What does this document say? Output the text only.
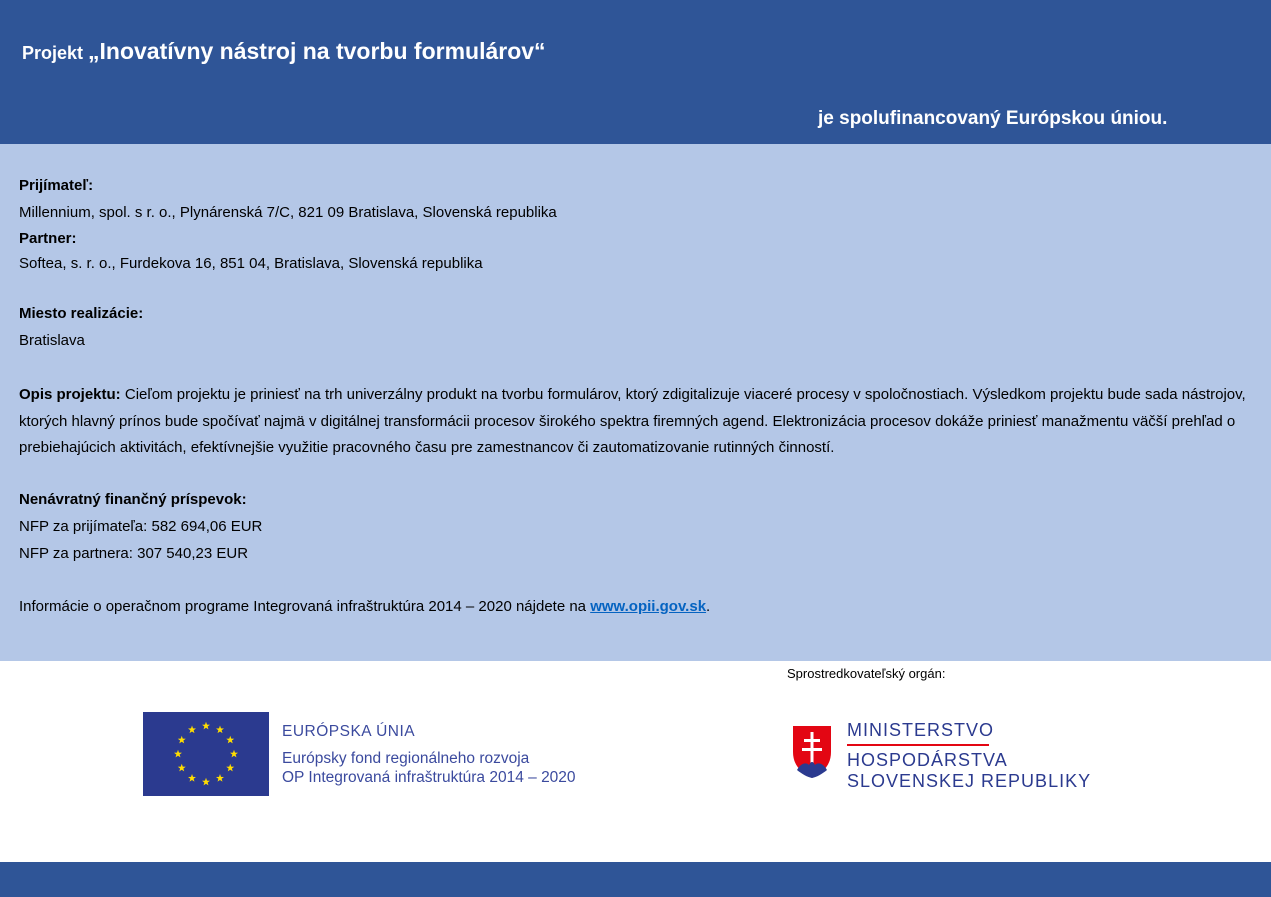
Projekt „Inovatívny nástroj na tvorbu formulárov“
je spolufinancovaný Európskou úniou.
Prijímateľ:
Millennium, spol. s r. o., Plynárenská 7/C, 821 09 Bratislava, Slovenská republika
Partner:
Softea, s. r. o., Furdekova 16, 851 04, Bratislava, Slovenská republika
Miesto realizácie:
Bratislava
Opis projektu: Cieľom projektu je priniesť na trh univerzálny produkt na tvorbu formulárov, ktorý zdigitalizuje viaceré procesy v spoločnostiach. Výsledkom projektu bude sada nástrojov, ktorých hlavný prínos bude spočívať najmä v digitálnej transformácii procesov širokého spektra firemných agend. Elektronizácia procesov dokáže priniesť manažmentu väčší prehľad o prebiehajúcich aktivitách, efektívnejšie využitie pracovného času pre zamestnancov či zautomatizovanie rutinných činností.
Nenávratný finančný príspevok:
NFP za prijímateľa: 582 694,06 EUR
NFP za partnera: 307 540,23 EUR
Informácie o operačnom programe Integrovaná infraštruktúra 2014 – 2020 nájdete na www.opii.gov.sk.
Sprostredkovateľský orgán:
EURÓPSKA ÚNIA
Európsky fond regionálneho rozvoja
OP Integrovaná infraštruktúra 2014 – 2020
MINISTERSTVO
HOSPODÁRSTVA
SLOVENSKEJ REPUBLIKY
